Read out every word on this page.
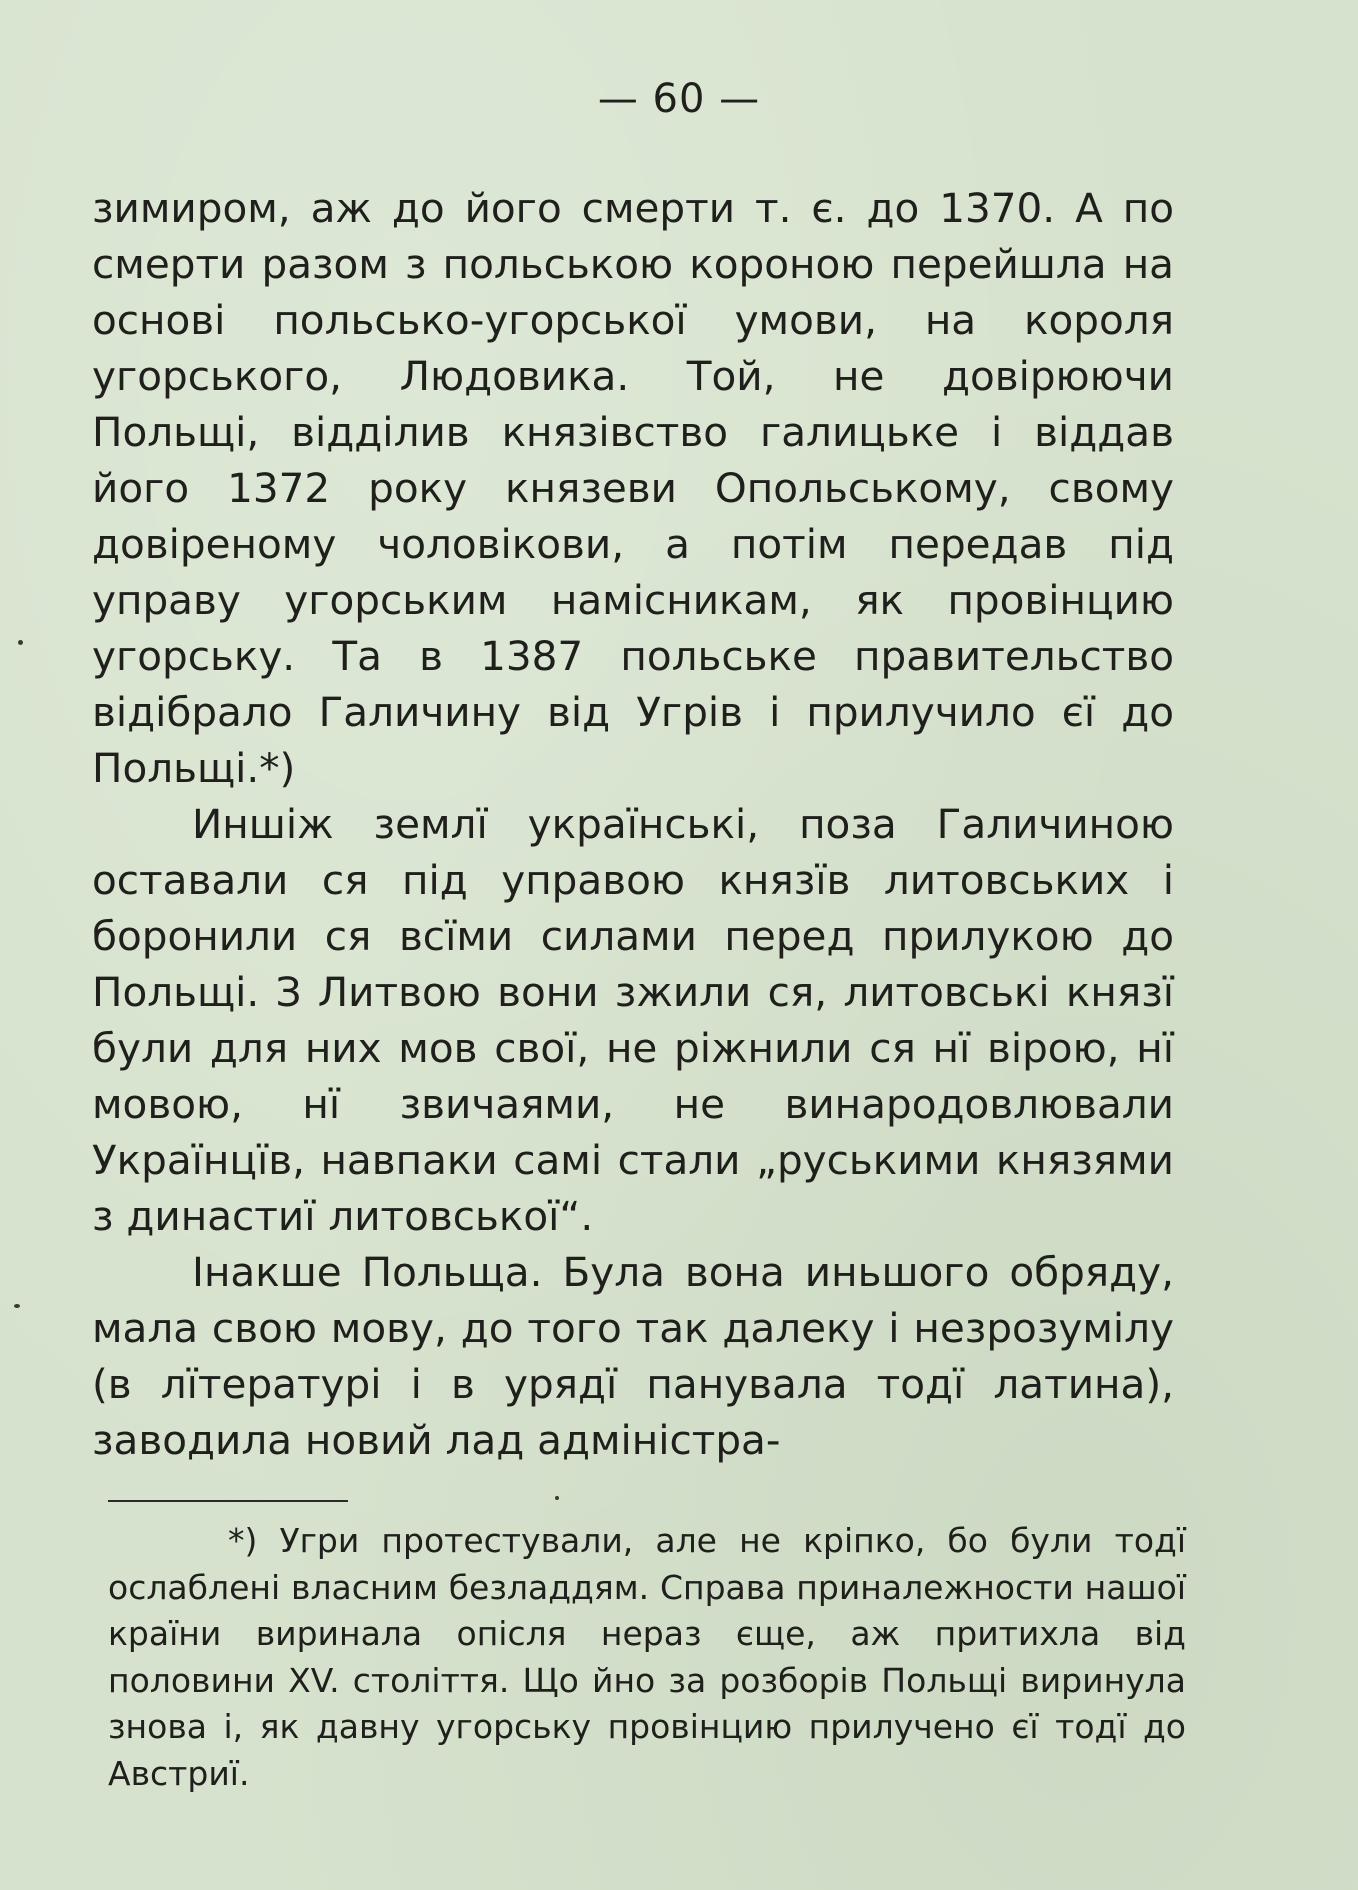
— 60 —

зимиром, аж до його смерти т. є. до 1370. А по смерти разом з польською короною перейшла на основі польсько-угорської умови, на короля угорського, Людовика. Той, не довірюючи Польщі, відділив князівство галицьке і віддав його 1372 року князеви Опольському, свому довіреному чоловікови, а потім передав під управу угорським намісникам, як провінцию угорську. Та в 1387 польське правительство відібрало Галичину від Угрів і прилучило єї до Польщі.*)

Иншіж землї українські, поза Галичиною оставали ся під управою князїв литовських і боронили ся всїми силами перед прилукою до Польщі. З Литвою вони зжили ся, литовські князї були для них мов свої, не ріжнили ся нї вірою, нї мовою, нї звичаями, не винародовлювали Українцїв, навпаки самі стали „руськими князями з династиї литовської“.

Інакше Польща. Була вона иньшого обряду, мала свою мову, до того так далеку і незрозумілу (в лїтературі і в урядї панувала тодї латина), заводила новий лад адміністра-

*) Угри протестували, але не кріпко, бо були тодї ослаблені власним безладдям. Справа приналежности нашої країни виринала опісля нераз єще, аж притихла від половини XV. століття. Що йно за розборів Польщі виринула знова і, як давну угорську провінцию прилучено єї тодї до Австриї.
